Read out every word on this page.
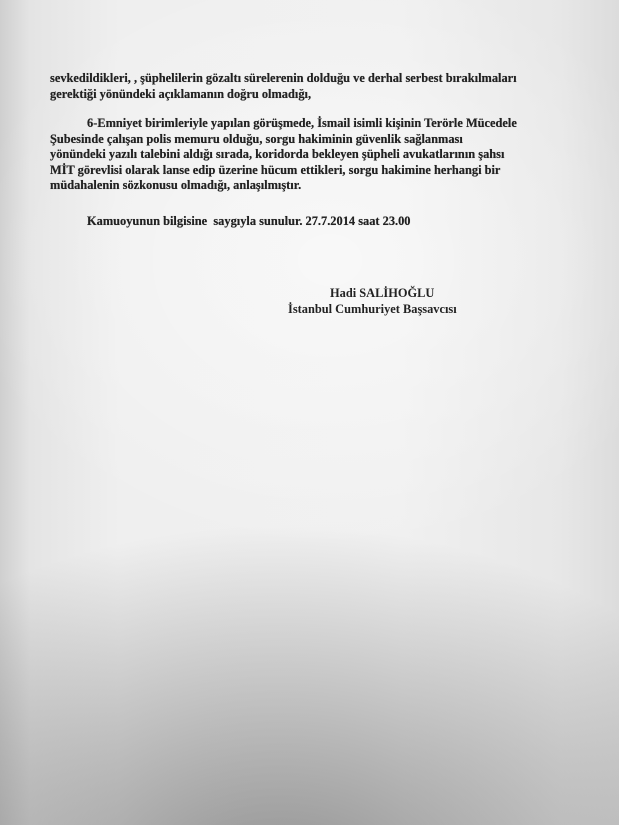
sevkedildikleri, , şüphelilerin gözaltı sürelerenin dolduğu ve derhal serbest bırakılmaları
gerektiği yönündeki açıklamanın doğru olmadığı,
6-Emniyet birimleriyle yapılan görüşmede, İsmail isimli kişinin Terörle Mücedele
Şubesinde çalışan polis memuru olduğu, sorgu hakiminin güvenlik sağlanması
yönündeki yazılı talebini aldığı sırada, koridorda bekleyen şüpheli avukatlarının şahsı
MİT görevlisi olarak lanse edip üzerine hücum ettikleri, sorgu hakimine herhangi bir
müdahalenin sözkonusu olmadığı, anlaşılmıştır.
Kamuoyunun bilgisine  saygıyla sunulur. 27.7.2014 saat 23.00
Hadi SALİHOĞLU
İstanbul Cumhuriyet Başsavcısı
